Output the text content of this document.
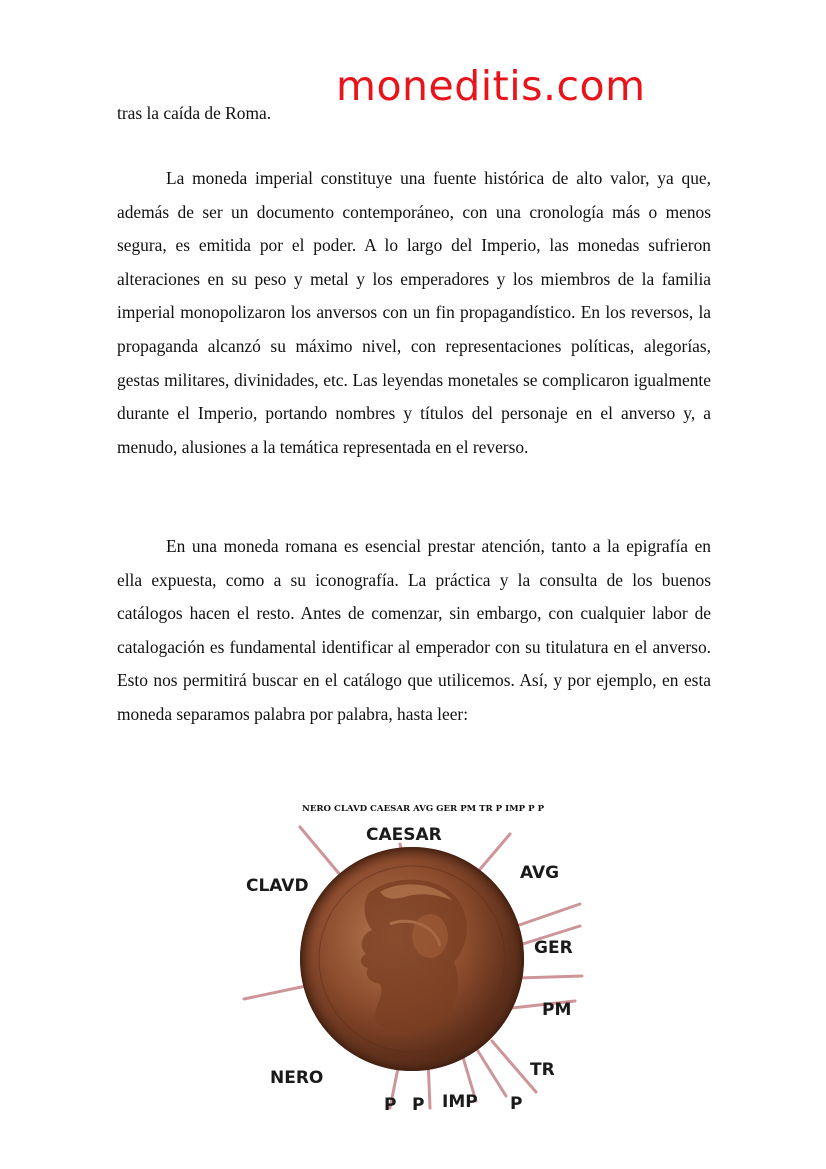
moneditis.com
tras la caída de Roma.
La moneda imperial constituye una fuente histórica de alto valor, ya que, además de ser un documento contemporáneo, con una cronología más o menos segura, es emitida por el poder. A lo largo del Imperio, las monedas sufrieron alteraciones en su peso y metal y los emperadores y los miembros de la familia imperial monopolizaron los anversos con un fin propagandístico. En los reversos, la propaganda alcanzó su máximo nivel, con representaciones políticas, alegorías, gestas militares, divinidades, etc. Las leyendas monetales se complicaron igualmente durante el Imperio, portando nombres y títulos del personaje en el anverso y, a menudo, alusiones a la temática representada en el reverso.
En una moneda romana es esencial prestar atención, tanto a la epigrafía en ella expuesta, como a su iconografía. La práctica y la consulta de los buenos catálogos hacen el resto. Antes de comenzar, sin embargo, con cualquier labor de catalogación es fundamental identificar al emperador con su titulatura en el anverso. Esto nos permitirá buscar en el catálogo que utilicemos. Así, y por ejemplo, en esta moneda separamos palabra por palabra, hasta leer:
NERO CLAVD CAESAR AVG GER PM TR P IMP P P
CAESAR
AVG
CLAVD
GER
PM
NERO	TR
P P IMP P
